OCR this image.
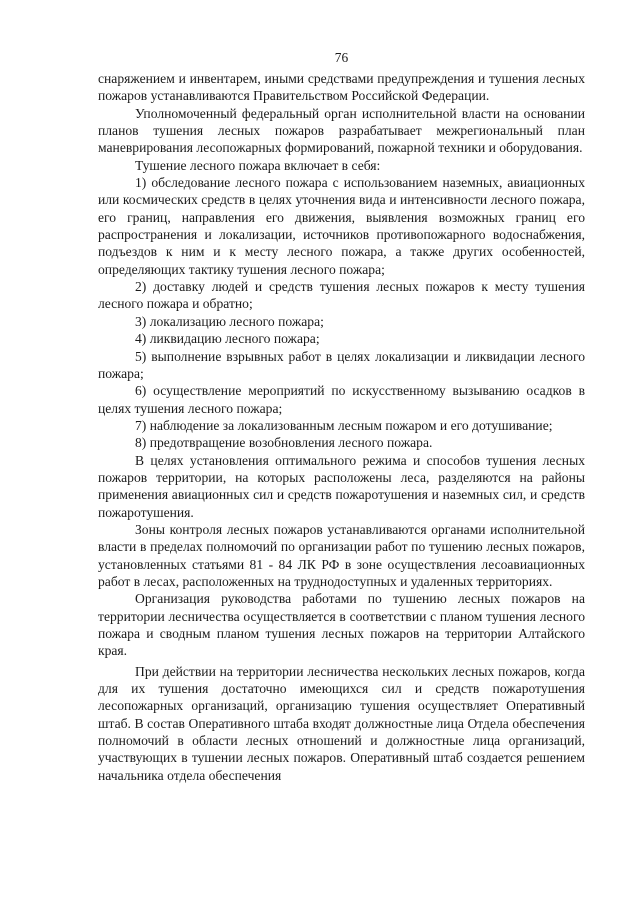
76

снаряжением и инвентарем, иными средствами предупреждения и тушения лесных пожаров устанавливаются Правительством Российской Федерации.

Уполномоченный федеральный орган исполнительной власти на основании планов тушения лесных пожаров разрабатывает межрегиональный план маневрирования лесопожарных формирований, пожарной техники и оборудования.

Тушение лесного пожара включает в себя:

1) обследование лесного пожара с использованием наземных, авиационных или космических средств в целях уточнения вида и интенсивности лесного пожара, его границ, направления его движения, выявления возможных границ его распространения и локализации, источников противопожарного водоснабжения, подъездов к ним и к месту лесного пожара, а также других особенностей, определяющих тактику тушения лесного пожара;

2) доставку людей и средств тушения лесных пожаров к месту тушения лесного пожара и обратно;

3) локализацию лесного пожара;

4) ликвидацию лесного пожара;

5) выполнение взрывных работ в целях локализации и ликвидации лесного пожара;

6) осуществление мероприятий по искусственному вызыванию осадков в целях тушения лесного пожара;

7) наблюдение за локализованным лесным пожаром и его дотушивание;

8) предотвращение возобновления лесного пожара.

В целях установления оптимального режима и способов тушения лесных пожаров территории, на которых расположены леса, разделяются на районы применения авиационных сил и средств пожаротушения и наземных сил, и средств пожаротушения.

Зоны контроля лесных пожаров устанавливаются органами исполнительной власти в пределах полномочий по организации работ по тушению лесных пожаров, установленных статьями 81 - 84 ЛК РФ в зоне осуществления лесоавиационных работ в лесах, расположенных на труднодоступных и удаленных территориях.

Организация руководства работами по тушению лесных пожаров на территории лесничества осуществляется в соответствии с планом тушения лесного пожара и сводным планом тушения лесных пожаров на территории Алтайского края.

При действии на территории лесничества нескольких лесных пожаров, когда для их тушения достаточно имеющихся сил и средств пожаротушения лесопожарных организаций, организацию тушения осуществляет Оперативный штаб. В состав Оперативного штаба входят должностные лица Отдела обеспечения полномочий в области лесных отношений и должностные лица организаций, участвующих в тушении лесных пожаров. Оперативный штаб создается решением начальника отдела обеспечения
